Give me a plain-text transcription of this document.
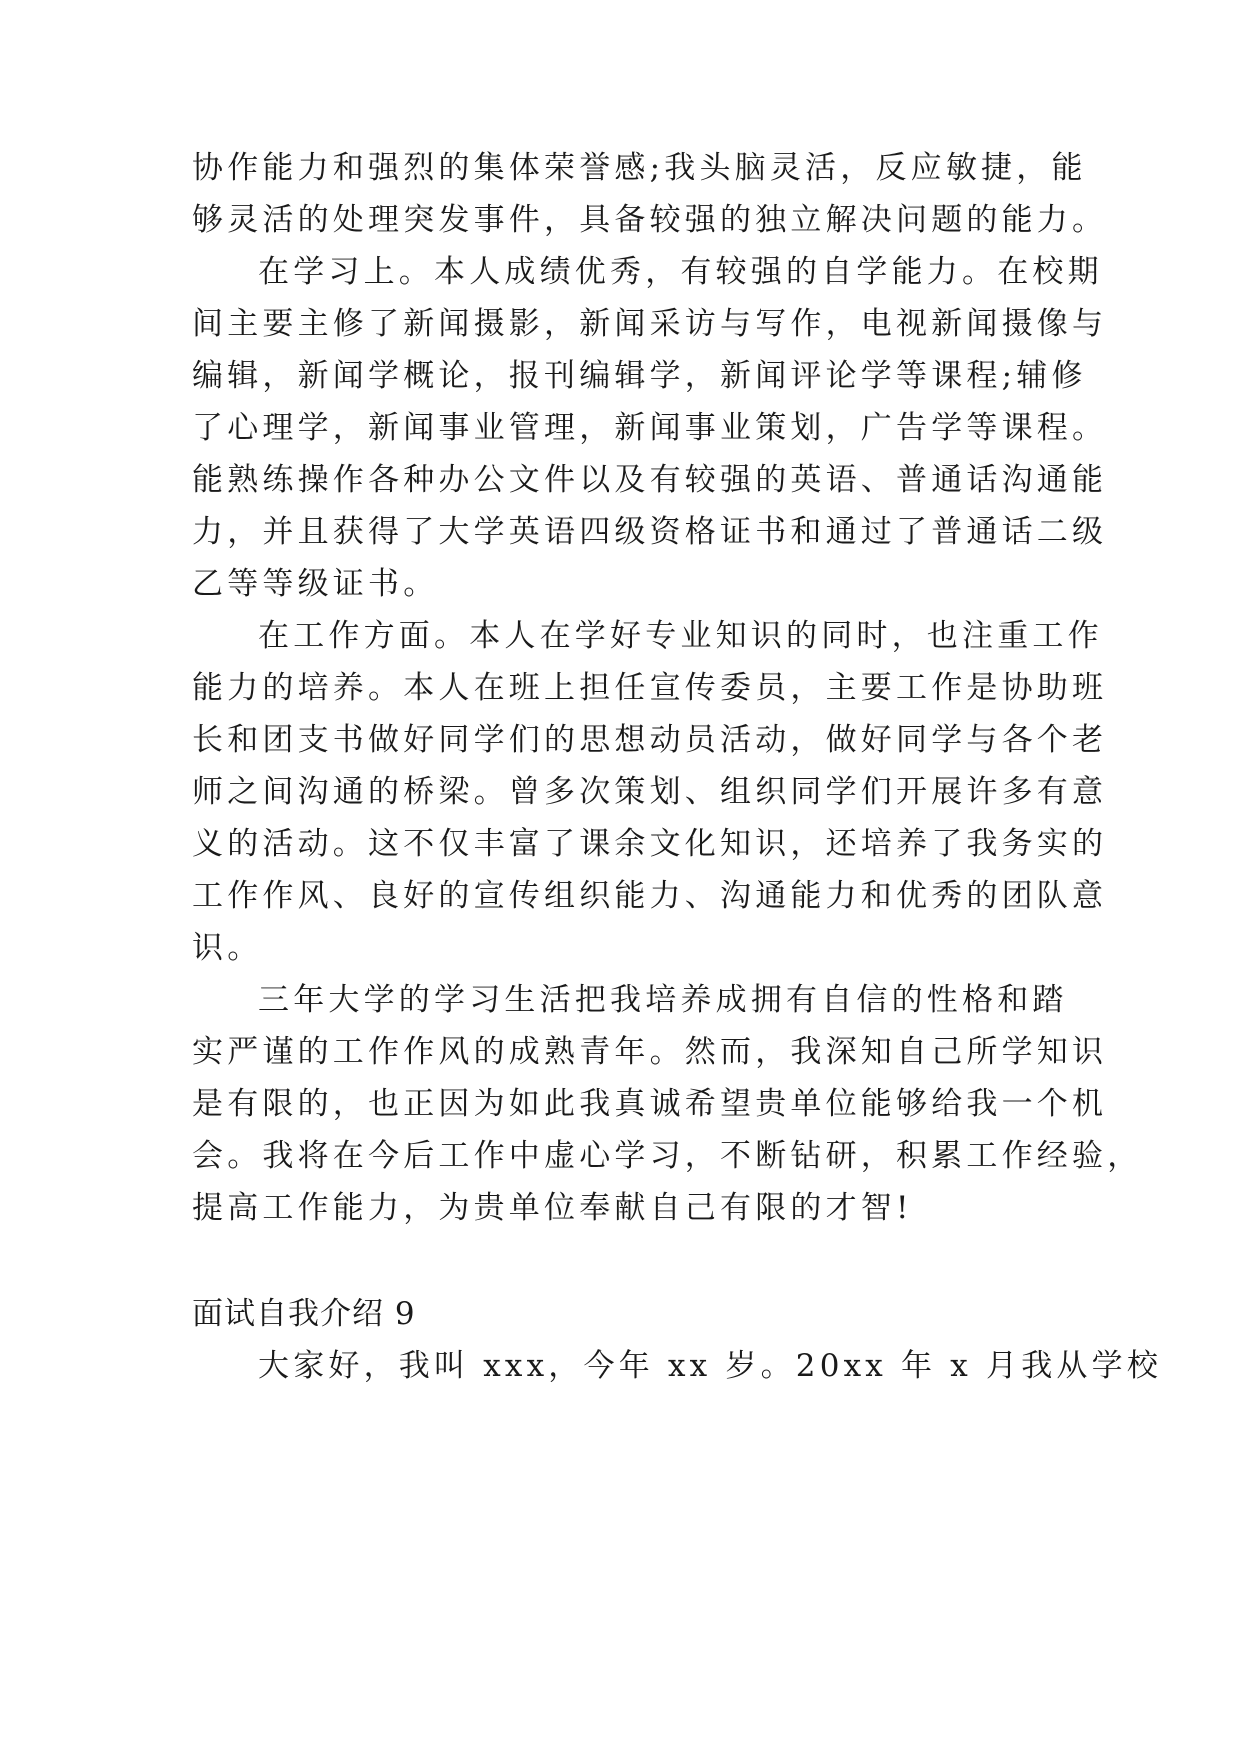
协作能力和强烈的集体荣誉感;我头脑灵活，反应敏捷，能

够灵活的处理突发事件，具备较强的独立解决问题的能力。

在学习上。本人成绩优秀，有较强的自学能力。在校期

间主要主修了新闻摄影，新闻采访与写作，电视新闻摄像与

编辑，新闻学概论，报刊编辑学，新闻评论学等课程;辅修

了心理学，新闻事业管理，新闻事业策划，广告学等课程。

能熟练操作各种办公文件以及有较强的英语、普通话沟通能

力，并且获得了大学英语四级资格证书和通过了普通话二级

乙等等级证书。

在工作方面。本人在学好专业知识的同时，也注重工作

能力的培养。本人在班上担任宣传委员，主要工作是协助班

长和团支书做好同学们的思想动员活动，做好同学与各个老

师之间沟通的桥梁。曾多次策划、组织同学们开展许多有意

义的活动。这不仅丰富了课余文化知识，还培养了我务实的

工作作风、良好的宣传组织能力、沟通能力和优秀的团队意

识。

三年大学的学习生活把我培养成拥有自信的性格和踏

实严谨的工作作风的成熟青年。然而，我深知自己所学知识

是有限的，也正因为如此我真诚希望贵单位能够给我一个机

会。我将在今后工作中虚心学习，不断钻研，积累工作经验，

提高工作能力，为贵单位奉献自己有限的才智!

面试自我介绍 9

大家好，我叫 xxx，今年 xx 岁。20xx 年 x 月我从学校
